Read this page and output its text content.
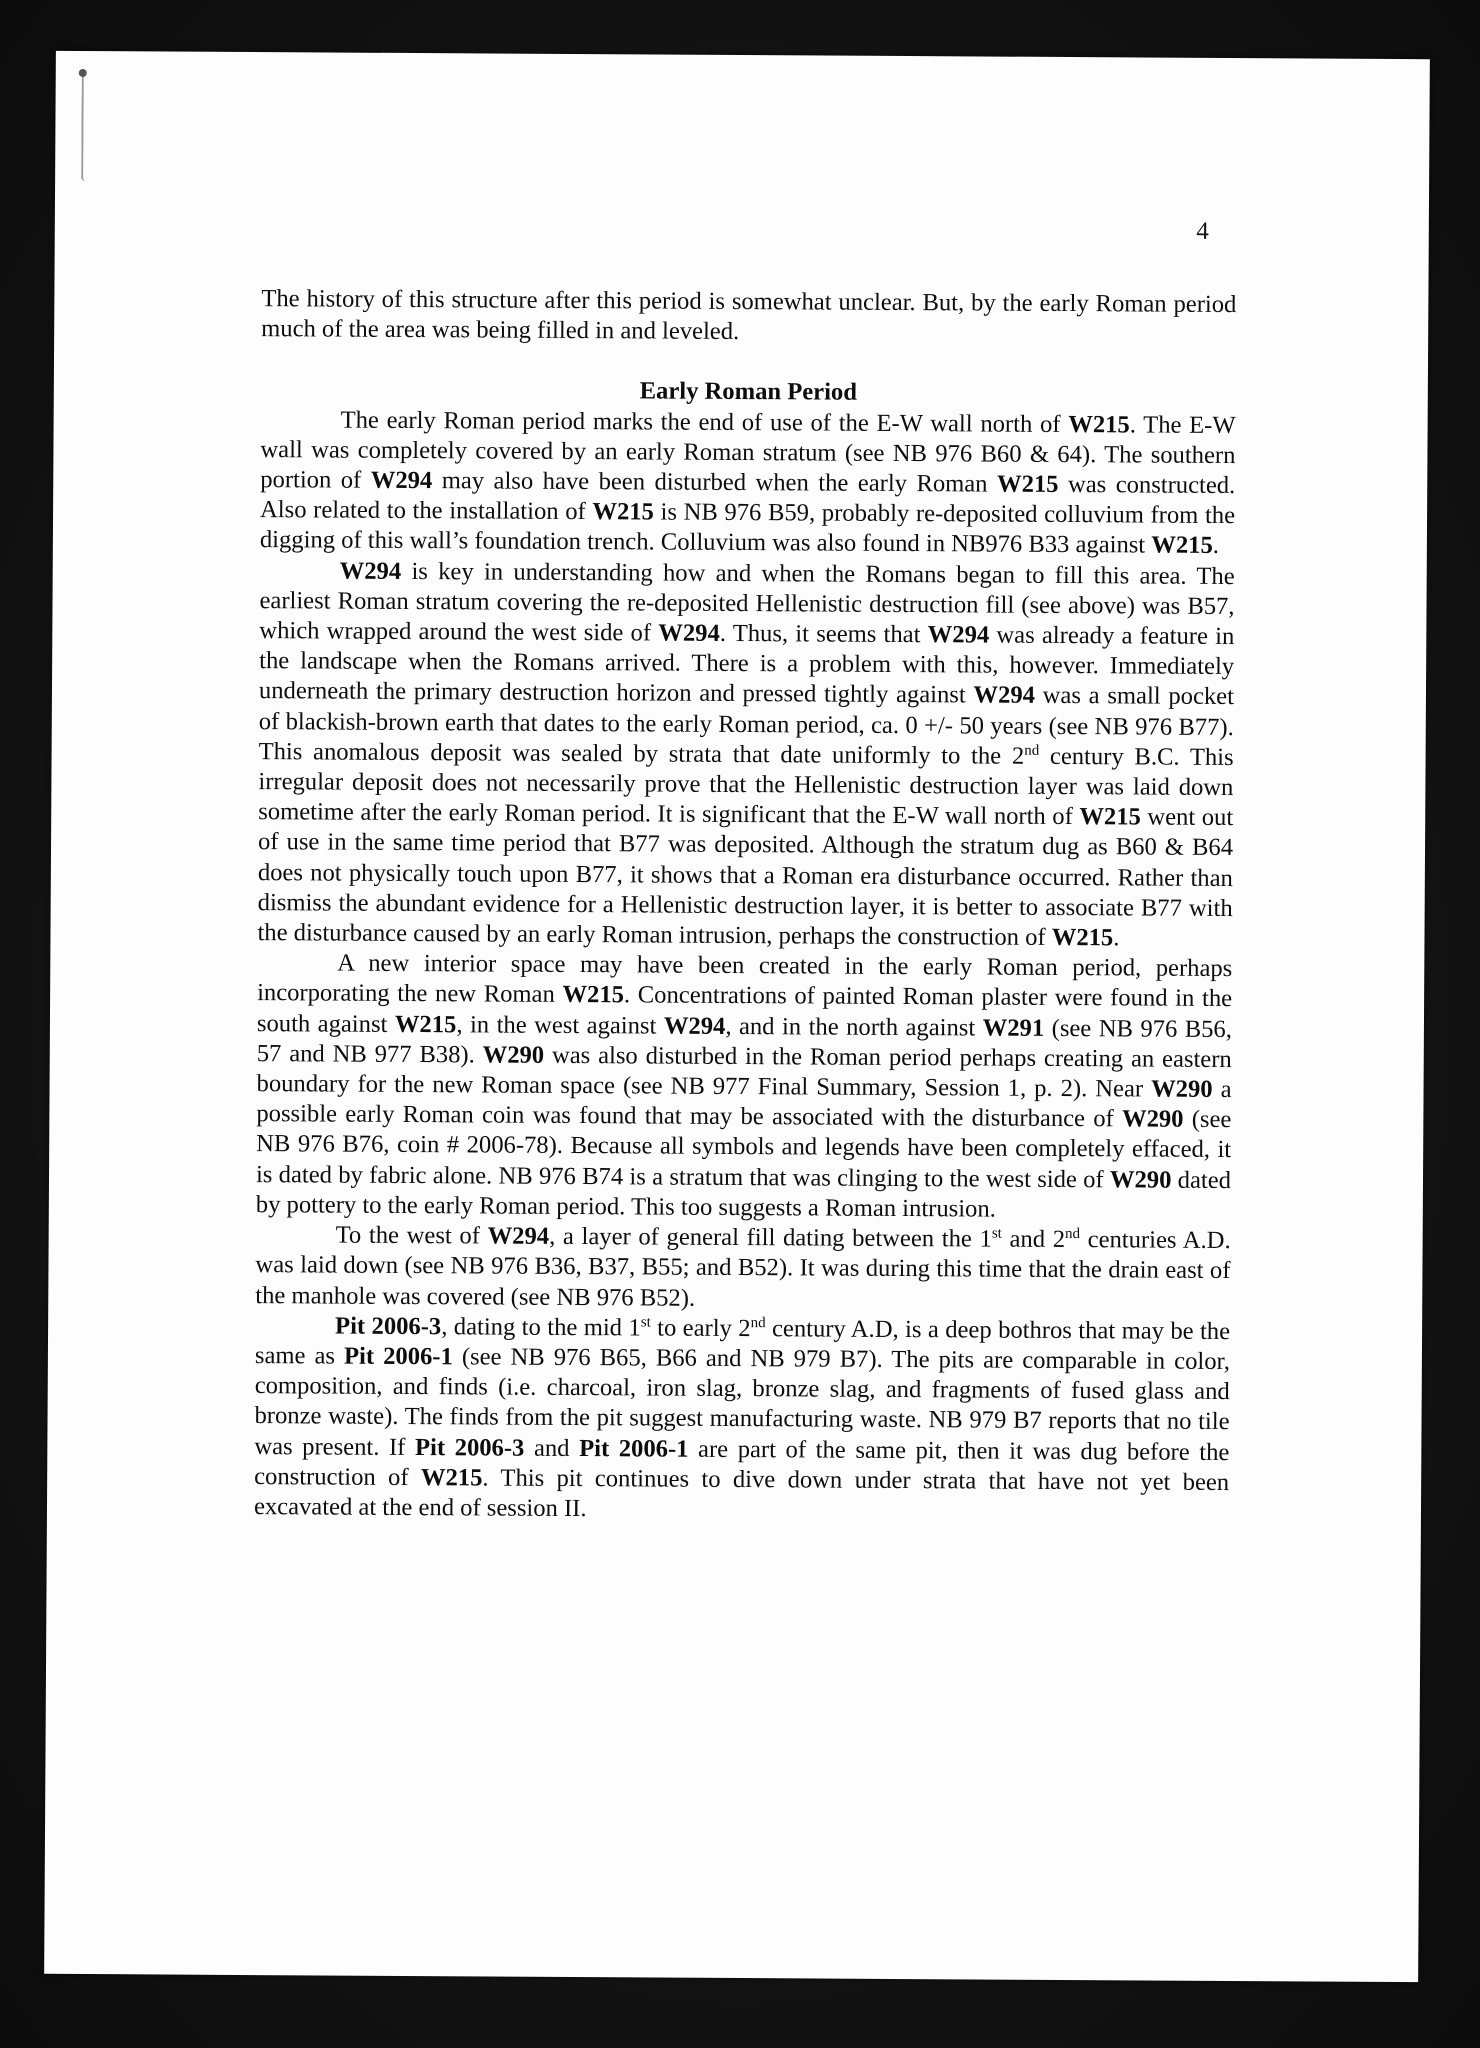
4

The history of this structure after this period is somewhat unclear. But, by the early Roman period much of the area was being filled in and leveled.

Early Roman Period

The early Roman period marks the end of use of the E-W wall north of W215. The E-W wall was completely covered by an early Roman stratum (see NB 976 B60 & 64). The southern portion of W294 may also have been disturbed when the early Roman W215 was constructed. Also related to the installation of W215 is NB 976 B59, probably re-deposited colluvium from the digging of this wall’s foundation trench. Colluvium was also found in NB976 B33 against W215.

W294 is key in understanding how and when the Romans began to fill this area. The earliest Roman stratum covering the re-deposited Hellenistic destruction fill (see above) was B57, which wrapped around the west side of W294. Thus, it seems that W294 was already a feature in the landscape when the Romans arrived. There is a problem with this, however. Immediately underneath the primary destruction horizon and pressed tightly against W294 was a small pocket of blackish-brown earth that dates to the early Roman period, ca. 0 +/- 50 years (see NB 976 B77). This anomalous deposit was sealed by strata that date uniformly to the 2nd century B.C. This irregular deposit does not necessarily prove that the Hellenistic destruction layer was laid down sometime after the early Roman period. It is significant that the E-W wall north of W215 went out of use in the same time period that B77 was deposited. Although the stratum dug as B60 & B64 does not physically touch upon B77, it shows that a Roman era disturbance occurred. Rather than dismiss the abundant evidence for a Hellenistic destruction layer, it is better to associate B77 with the disturbance caused by an early Roman intrusion, perhaps the construction of W215.

A new interior space may have been created in the early Roman period, perhaps incorporating the new Roman W215. Concentrations of painted Roman plaster were found in the south against W215, in the west against W294, and in the north against W291 (see NB 976 B56, 57 and NB 977 B38). W290 was also disturbed in the Roman period perhaps creating an eastern boundary for the new Roman space (see NB 977 Final Summary, Session 1, p. 2). Near W290 a possible early Roman coin was found that may be associated with the disturbance of W290 (see NB 976 B76, coin # 2006-78). Because all symbols and legends have been completely effaced, it is dated by fabric alone. NB 976 B74 is a stratum that was clinging to the west side of W290 dated by pottery to the early Roman period. This too suggests a Roman intrusion.

To the west of W294, a layer of general fill dating between the 1st and 2nd centuries A.D. was laid down (see NB 976 B36, B37, B55; and B52). It was during this time that the drain east of the manhole was covered (see NB 976 B52).

Pit 2006-3, dating to the mid 1st to early 2nd century A.D, is a deep bothros that may be the same as Pit 2006-1 (see NB 976 B65, B66 and NB 979 B7). The pits are comparable in color, composition, and finds (i.e. charcoal, iron slag, bronze slag, and fragments of fused glass and bronze waste). The finds from the pit suggest manufacturing waste. NB 979 B7 reports that no tile was present. If Pit 2006-3 and Pit 2006-1 are part of the same pit, then it was dug before the construction of W215. This pit continues to dive down under strata that have not yet been excavated at the end of session II.
